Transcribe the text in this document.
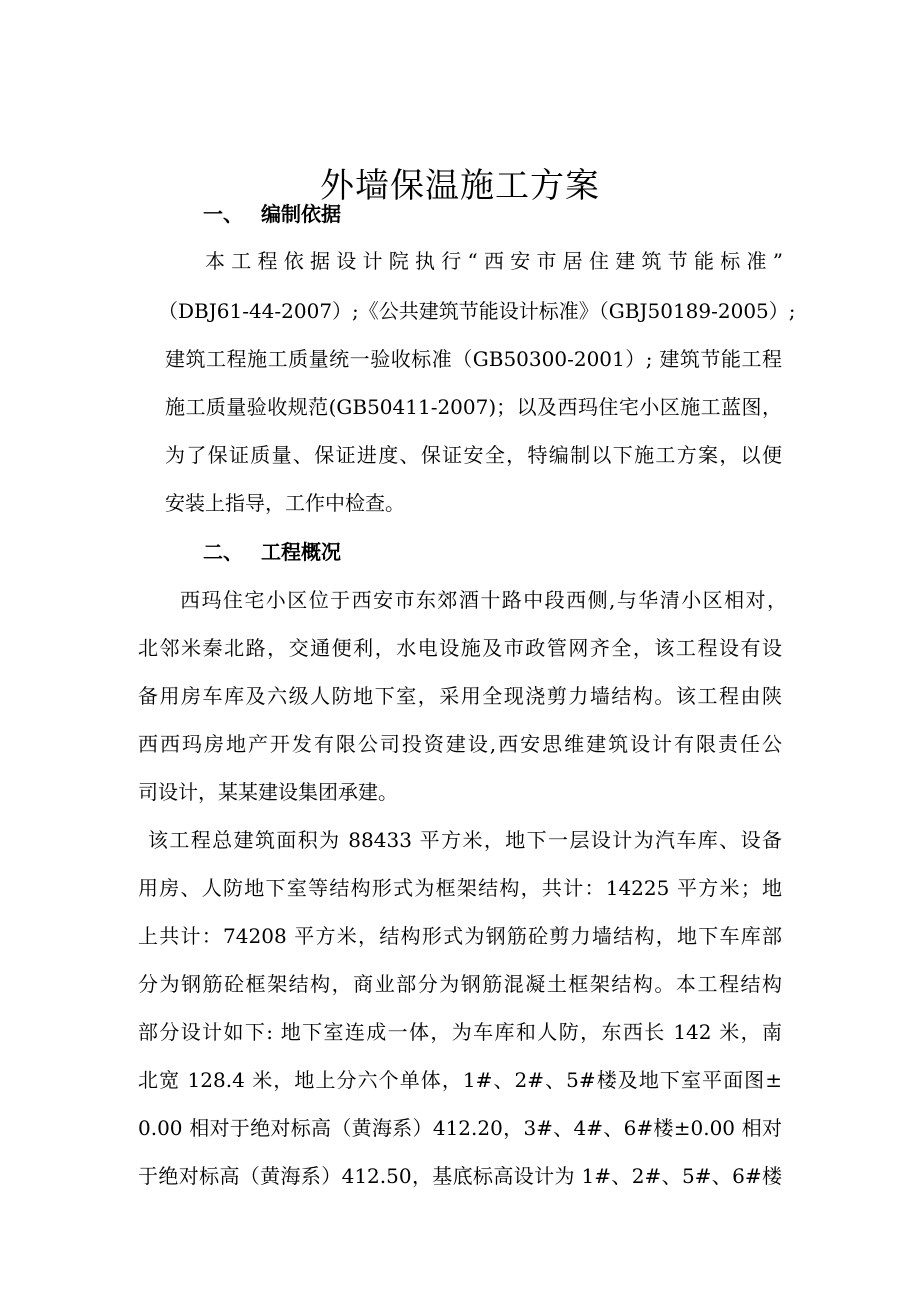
外墙保温施工方案
一、 编制依据
本工程依据设计院执行“西安市居住建筑节能标准”
（DBJ61-44-2007）;《公共建筑节能设计标准》（GBJ50189-2005）;
建筑工程施工质量统一验收标准（GB50300-2001）; 建筑节能工程
施工质量验收规范(GB50411-2007)；以及西玛住宅小区施工蓝图，
为了保证质量、保证进度、保证安全，特编制以下施工方案，以便
安装上指导，工作中检查。
二、 工程概况
西玛住宅小区位于西安市东郊酒十路中段西侧,与华清小区相对，
北邻米秦北路，交通便利，水电设施及市政管网齐全，该工程设有设
备用房车库及六级人防地下室，采用全现浇剪力墙结构。该工程由陕
西西玛房地产开发有限公司投资建设,西安思维建筑设计有限责任公
司设计，某某建设集团承建。
该工程总建筑面积为 88433 平方米，地下一层设计为汽车库、设备
用房、人防地下室等结构形式为框架结构，共计：14225 平方米；地
上共计：74208 平方米，结构形式为钢筋砼剪力墙结构，地下车库部
分为钢筋砼框架结构，商业部分为钢筋混凝土框架结构。本工程结构
部分设计如下: 地下室连成一体，为车库和人防，东西长 142 米，南
北宽 128.4 米，地上分六个单体，1#、2#、5#楼及地下室平面图±
0.00 相对于绝对标高（黄海系）412.20，3#、4#、6#楼±0.00 相对
于绝对标高（黄海系）412.50，基底标高设计为 1#、2#、5#、6#楼
